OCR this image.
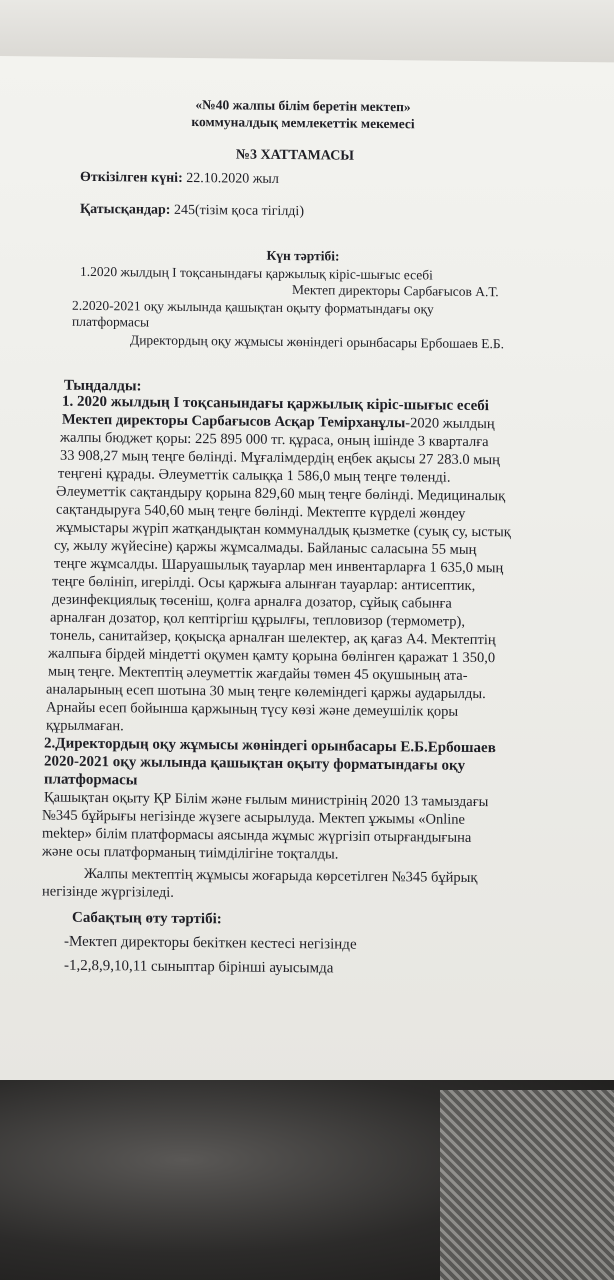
«№40 жалпы білім беретін мектеп»
коммуналдық мемлекеттік мекемесі
№3 ХАТТАМАСЫ
Өткізілген күні: 22.10.2020 жыл
Қатысқандар: 245(тізім қоса тігілді)
Күн тәртібі:
1.2020 жылдың І тоқсанындағы қаржылық кіріс-шығыс есебі
Мектеп директоры Сарбағысов А.Т.
2.2020-2021 оқу жылында қашықтан оқыту форматындағы оқу
платформасы
Директордың оқу жұмысы жөніндегі орынбасары Ербошаев Е.Б.
Тыңдалды:
1. 2020 жылдың І тоқсанындағы қаржылық кіріс-шығыс есебі
Мектеп директоры Сарбағысов Асқар Темірханұлы-2020 жылдың
жалпы бюджет қоры: 225 895 000 тг. құраса, оның ішінде 3 кварталға
33 908,27 мың теңге бөлінді. Мұғалімдердің еңбек ақысы 27 283.0 мың
теңгені құрады. Әлеуметтік салыққа 1 586,0 мың теңге төленді.
Әлеуметтік сақтандыру қорына 829,60 мың теңге бөлінді. Медициналық
сақтандыруға 540,60 мың теңге бөлінді. Мектепте күрделі жөндеу
жұмыстары жүріп жатқандықтан коммуналдық қызметке (суық су, ыстық
су, жылу жүйесіне) қаржы жұмсалмады. Байланыс саласына 55 мың
теңге жұмсалды. Шаруашылық тауарлар мен инвентарларға 1 635,0 мың
теңге бөлініп, игерілді. Осы қаржыға алынған тауарлар: антисептик,
дезинфекциялық төсеніш, қолға арналға дозатор, сұйық сабынға
арналған дозатор, қол кептіргіш құрылғы, тепловизор (термометр),
тонель, санитайзер, қоқысқа арналған шелектер, ақ қағаз А4. Мектептің
жалпыға бірдей міндетті оқумен қамту қорына бөлінген қаражат 1 350,0
мың теңге. Мектептің әлеуметтік жағдайы төмен 45 оқушының ата-
аналарының есеп шотына 30 мың теңге көлеміндегі қаржы аударылды.
Арнайы есеп бойынша қаржының түсу көзі және демеушілік қоры
құрылмаған.
2.Директордың оқу жұмысы жөніндегі орынбасары Е.Б.Ербошаев
2020-2021 оқу жылында қашықтан оқыту форматындағы оқу
платформасы
Қашықтан оқыту ҚР Білім және ғылым министрінің 2020 13 тамыздағы
№345 бұйрығы негізінде жүзеге асырылуда. Мектеп ұжымы «Online
mektep» білім платформасы аясында жұмыс жүргізіп отырғандығына
және осы платформаның тиімділігіне тоқталды.
Жалпы мектептің жұмысы жоғарыда көрсетілген №345 бұйрық
негізінде жүргізіледі.
Сабақтың өту тәртібі:
-Мектеп директоры бекіткен кестесі негізінде
-1,2,8,9,10,11 сыныптар бірінші ауысымда
